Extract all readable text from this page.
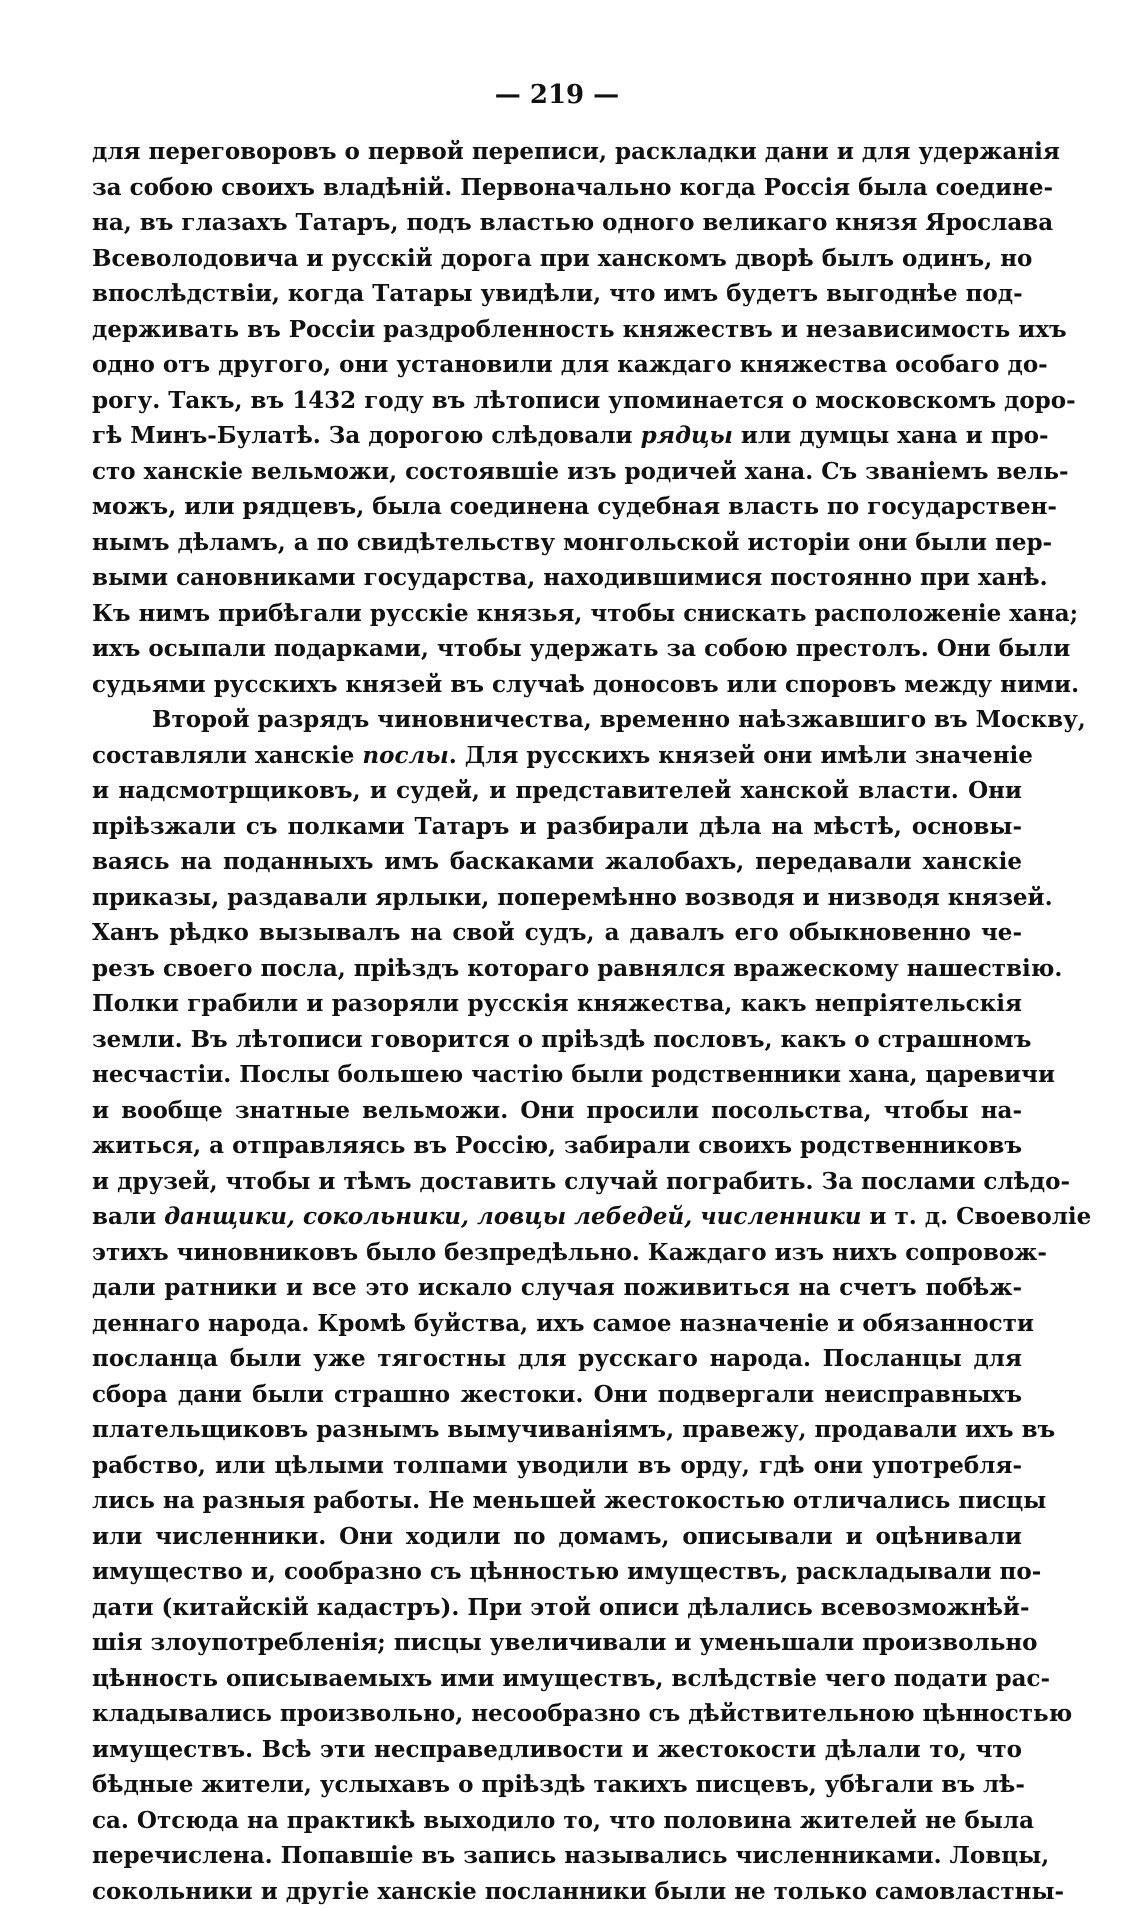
— 219 —
для переговоровъ о первой переписи, раскладки дани и для удержанія
за собою своихъ владѣній. Первоначально когда Россія была соедине-
на, въ глазахъ Татаръ, подъ властью одного великаго князя Ярослава
Всеволодовича и русскій дорога при ханскомъ дворѣ былъ одинъ, но
впослѣдствіи, когда Татары увидѣли, что имъ будетъ выгоднѣе под-
держивать въ Россіи раздробленность княжествъ и независимость ихъ
одно отъ другого, они установили для каждаго княжества особаго до-
рогу. Такъ, въ 1432 году въ лѣтописи упоминается о московскомъ доро-
гѣ Минъ-Булатѣ. За дорогою слѣдовали рядцы или думцы хана и про-
сто ханскіе вельможи, состоявшіе изъ родичей хана. Съ званіемъ вель-
можъ, или рядцевъ, была соединена судебная власть по государствен-
нымъ дѣламъ, а по свидѣтельству монгольской исторіи они были пер-
выми сановниками государства, находившимися постоянно при ханѣ.
Къ нимъ прибѣгали русскіе князья, чтобы снискать расположеніе хана;
ихъ осыпали подарками, чтобы удержать за собою престолъ. Они были
судьями русскихъ князей въ случаѣ доносовъ или споровъ между ними.
Второй разрядъ чиновничества, временно наѣзжавшиго въ Москву,
составляли ханскіе послы. Для русскихъ князей они имѣли значеніе
и надсмотрщиковъ, и судей, и представителей ханской власти. Они
пріѣзжали съ полками Татаръ и разбирали дѣла на мѣстѣ, основы-
ваясь на поданныхъ имъ баскаками жалобахъ, передавали ханскіе
приказы, раздавали ярлыки, поперемѣнно возводя и низводя князей.
Ханъ рѣдко вызывалъ на свой судъ, а давалъ его обыкновенно че-
резъ своего посла, пріѣздъ котораго равнялся вражескому нашествію.
Полки грабили и разоряли русскія княжества, какъ непріятельскія
земли. Въ лѣтописи говорится о пріѣздѣ пословъ, какъ о страшномъ
несчастіи. Послы большею частію были родственники хана, царевичи
и вообще знатные вельможи. Они просили посольства, чтобы на-
житься, а отправляясь въ Россію, забирали своихъ родственниковъ
и друзей, чтобы и тѣмъ доставить случай пограбить. За послами слѣдо-
вали данщики, сокольники, ловцы лебедей, численники и т. д. Своеволіе
этихъ чиновниковъ было безпредѣльно. Каждаго изъ нихъ сопровож-
дали ратники и все это искало случая поживиться на счетъ побѣж-
деннаго народа. Кромѣ буйства, ихъ самое назначеніе и обязанности
посланца были уже тягостны для русскаго народа. Посланцы для
сбора дани были страшно жестоки. Они подвергали неисправныхъ
плательщиковъ разнымъ вымучиваніямъ, правежу, продавали ихъ въ
рабство, или цѣлыми толпами уводили въ орду, гдѣ они употребля-
лись на разныя работы. Не меньшей жестокостью отличались писцы
или численники. Они ходили по домамъ, описывали и оцѣнивали
имущество и, сообразно съ цѣнностью имуществъ, раскладывали по-
дати (китайскій кадастръ). При этой описи дѣлались всевозможнѣй-
шія злоупотребленія; писцы увеличивали и уменьшали произвольно
цѣнность описываемыхъ ими имуществъ, вслѣдствіе чего подати рас-
кладывались произвольно, несообразно съ дѣйствительною цѣнностью
имуществъ. Всѣ эти несправедливости и жестокости дѣлали то, что
бѣдные жители, услыхавъ о пріѣздѣ такихъ писцевъ, убѣгали въ лѣ-
са. Отсюда на практикѣ выходило то, что половина жителей не была
перечислена. Попавшіе въ запись назывались численниками. Ловцы,
сокольники и другіе ханскіе посланники были не только самовластны-
